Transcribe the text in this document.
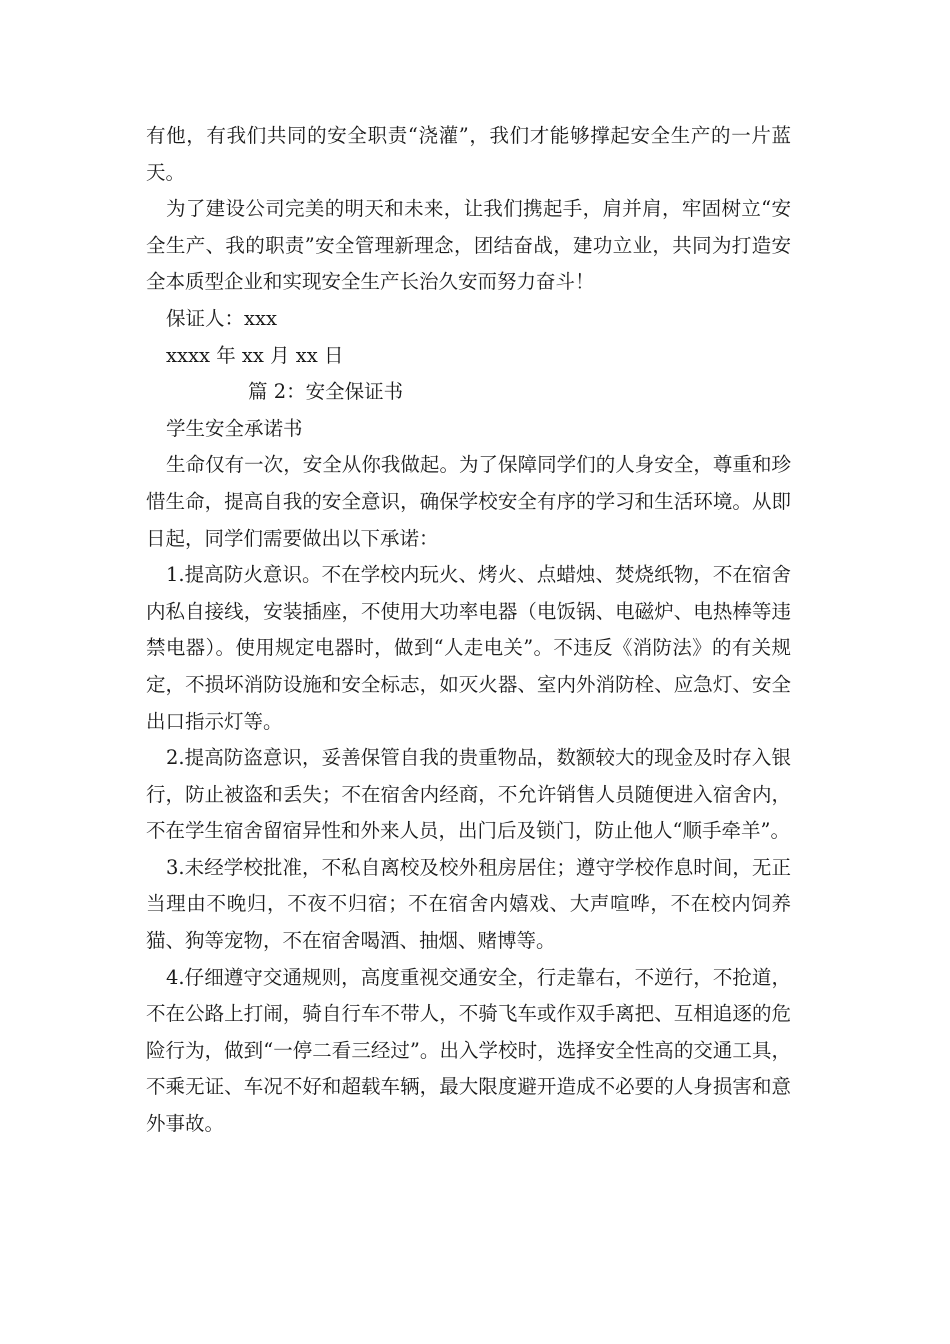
有他，有我们共同的安全职责“浇灌”，我们才能够撑起安全生产的一片蓝天。

为了建设公司完美的明天和未来，让我们携起手，肩并肩，牢固树立“安全生产、我的职责”安全管理新理念，团结奋战，建功立业，共同为打造安全本质型企业和实现安全生产长治久安而努力奋斗！

保证人：xxx

xxxx 年 xx 月 xx 日

篇 2：安全保证书

学生安全承诺书

生命仅有一次，安全从你我做起。为了保障同学们的人身安全，尊重和珍惜生命，提高自我的安全意识，确保学校安全有序的学习和生活环境。从即日起，同学们需要做出以下承诺：

1.提高防火意识。不在学校内玩火、烤火、点蜡烛、焚烧纸物，不在宿舍内私自接线，安装插座，不使用大功率电器（电饭锅、电磁炉、电热棒等违禁电器）。使用规定电器时，做到“人走电关”。不违反《消防法》的有关规定，不损坏消防设施和安全标志，如灭火器、室内外消防栓、应急灯、安全出口指示灯等。

2.提高防盗意识，妥善保管自我的贵重物品，数额较大的现金及时存入银行，防止被盗和丢失；不在宿舍内经商，不允许销售人员随便进入宿舍内，不在学生宿舍留宿异性和外来人员，出门后及锁门，防止他人“顺手牵羊”。

3.未经学校批准，不私自离校及校外租房居住；遵守学校作息时间，无正当理由不晚归，不夜不归宿；不在宿舍内嬉戏、大声喧哗，不在校内饲养猫、狗等宠物，不在宿舍喝酒、抽烟、赌博等。

4.仔细遵守交通规则，高度重视交通安全，行走靠右，不逆行，不抢道，不在公路上打闹，骑自行车不带人，不骑飞车或作双手离把、互相追逐的危险行为，做到“一停二看三经过”。出入学校时，选择安全性高的交通工具，不乘无证、车况不好和超载车辆，最大限度避开造成不必要的人身损害和意外事故。
